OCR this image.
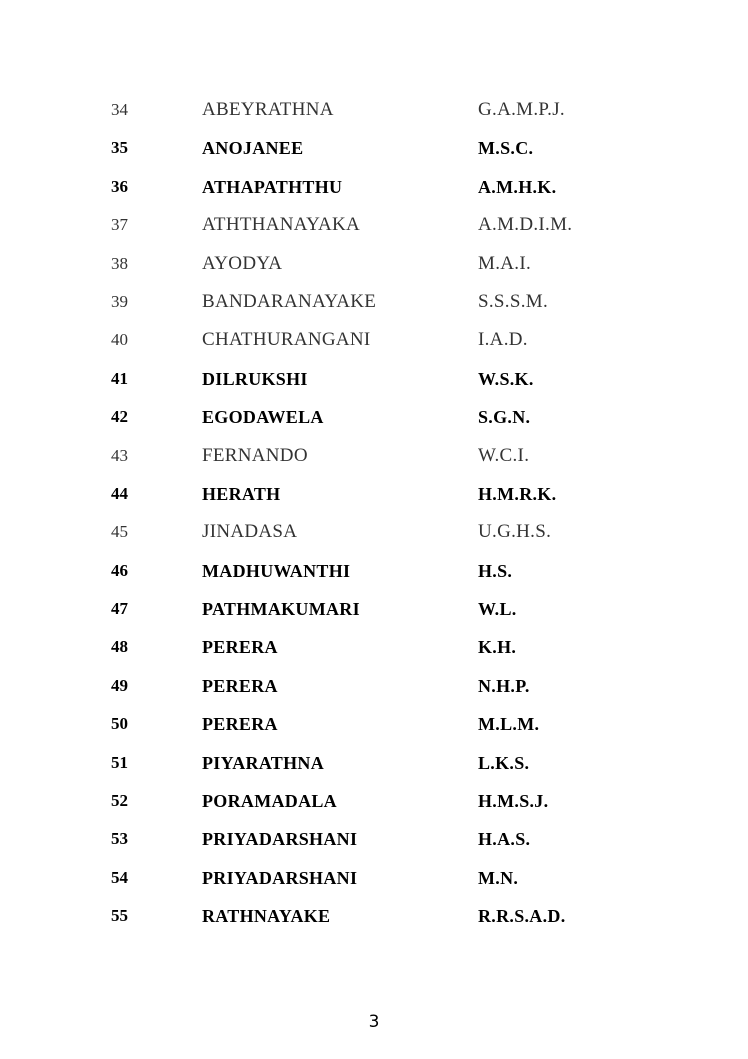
34	ABEYRATHNA	G.A.M.P.J.
35	ANOJANEE	M.S.C.
36	ATHAPATHTHU	A.M.H.K.
37	ATHTHANAYAKA	A.M.D.I.M.
38	AYODYA	M.A.I.
39	BANDARANAYAKE	S.S.S.M.
40	CHATHURANGANI	I.A.D.
41	DILRUKSHI	W.S.K.
42	EGODAWELA	S.G.N.
43	FERNANDO	W.C.I.
44	HERATH	H.M.R.K.
45	JINADASA	U.G.H.S.
46	MADHUWANTHI	H.S.
47	PATHMAKUMARI	W.L.
48	PERERA	K.H.
49	PERERA	N.H.P.
50	PERERA	M.L.M.
51	PIYARATHNA	L.K.S.
52	PORAMADALA	H.M.S.J.
53	PRIYADARSHANI	H.A.S.
54	PRIYADARSHANI	M.N.
55	RATHNAYAKE	R.R.S.A.D.
3
